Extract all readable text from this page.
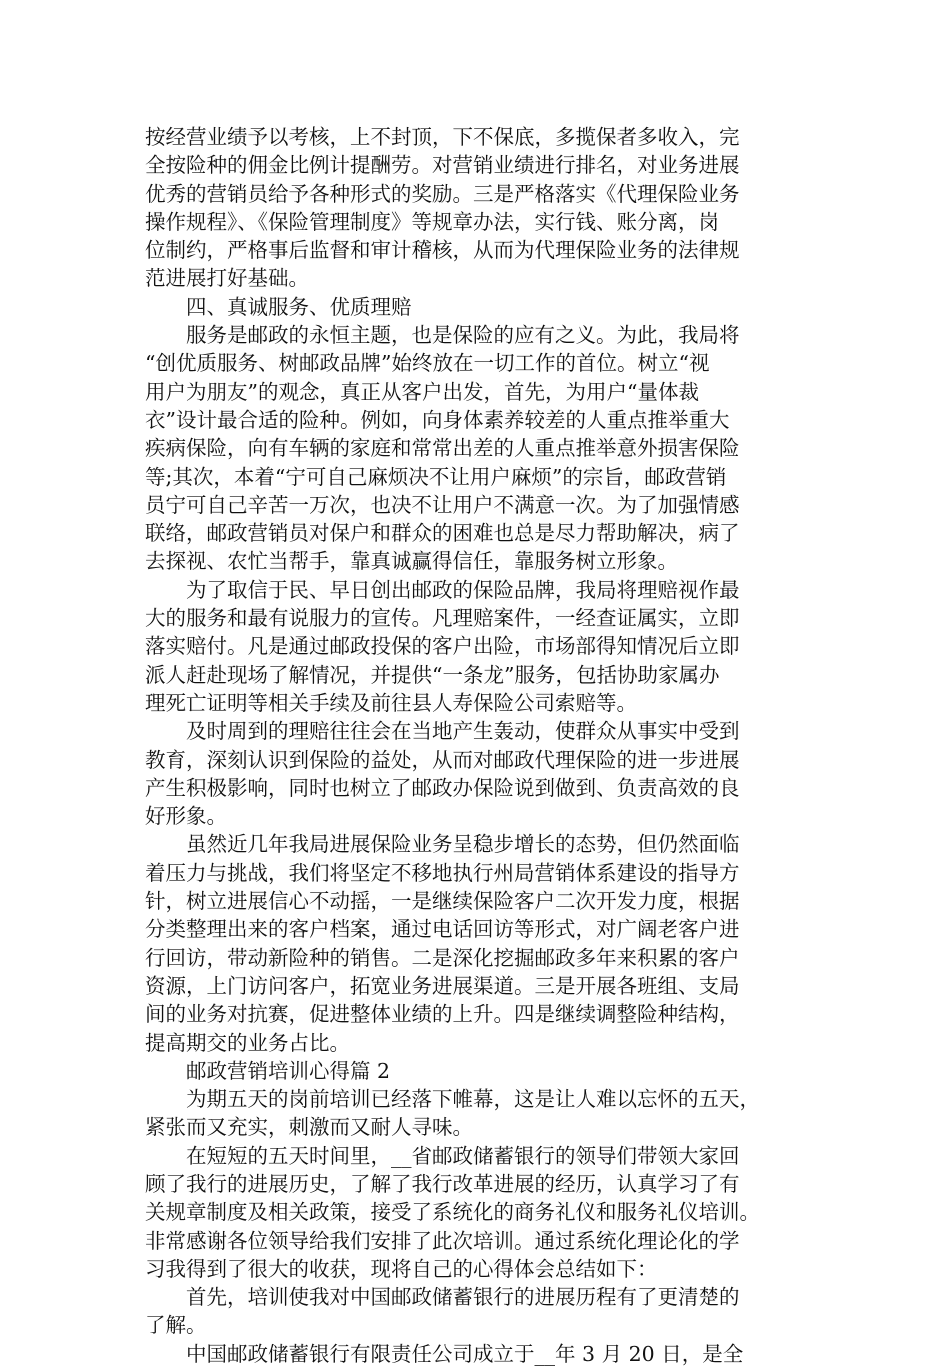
按经营业绩予以考核，上不封顶，下不保底，多揽保者多收入，完
全按险种的佣金比例计提酬劳。对营销业绩进行排名，对业务进展
优秀的营销员给予各种形式的奖励。三是严格落实《代理保险业务
操作规程》、《保险管理制度》等规章办法，实行钱、账分离，岗
位制约，严格事后监督和审计稽核，从而为代理保险业务的法律规
范进展打好基础。
四、真诚服务、优质理赔
服务是邮政的永恒主题，也是保险的应有之义。为此，我局将
“创优质服务、树邮政品牌”始终放在一切工作的首位。树立“视
用户为朋友”的观念，真正从客户出发，首先，为用户“量体裁
衣”设计最合适的险种。例如，向身体素养较差的人重点推举重大
疾病保险，向有车辆的家庭和常常出差的人重点推举意外损害保险
等;其次，本着“宁可自己麻烦决不让用户麻烦”的宗旨，邮政营销
员宁可自己辛苦一万次，也决不让用户不满意一次。为了加强情感
联络，邮政营销员对保户和群众的困难也总是尽力帮助解决，病了
去探视、农忙当帮手，靠真诚赢得信任，靠服务树立形象。
为了取信于民、早日创出邮政的保险品牌，我局将理赔视作最
大的服务和最有说服力的宣传。凡理赔案件，一经查证属实，立即
落实赔付。凡是通过邮政投保的客户出险，市场部得知情况后立即
派人赶赴现场了解情况，并提供“一条龙”服务，包括协助家属办
理死亡证明等相关手续及前往县人寿保险公司索赔等。
及时周到的理赔往往会在当地产生轰动，使群众从事实中受到
教育，深刻认识到保险的益处，从而对邮政代理保险的进一步进展
产生积极影响，同时也树立了邮政办保险说到做到、负责高效的良
好形象。
虽然近几年我局进展保险业务呈稳步增长的态势，但仍然面临
着压力与挑战，我们将坚定不移地执行州局营销体系建设的指导方
针，树立进展信心不动摇，一是继续保险客户二次开发力度，根据
分类整理出来的客户档案，通过电话回访等形式，对广阔老客户进
行回访，带动新险种的销售。二是深化挖掘邮政多年来积累的客户
资源，上门访问客户，拓宽业务进展渠道。三是开展各班组、支局
间的业务对抗赛，促进整体业绩的上升。四是继续调整险种结构，
提高期交的业务占比。
邮政营销培训心得篇 2
为期五天的岗前培训已经落下帷幕，这是让人难以忘怀的五天，
紧张而又充实，刺激而又耐人寻味。
在短短的五天时间里，__省邮政储蓄银行的领导们带领大家回
顾了我行的进展历史，了解了我行改革进展的经历，认真学习了有
关规章制度及相关政策，接受了系统化的商务礼仪和服务礼仪培训。
非常感谢各位领导给我们安排了此次培训。通过系统化理论化的学
习我得到了很大的收获，现将自己的心得体会总结如下：
首先，培训使我对中国邮政储蓄银行的进展历程有了更清楚的
了解。
中国邮政储蓄银行有限责任公司成立于__年 3 月 20 日，是全
